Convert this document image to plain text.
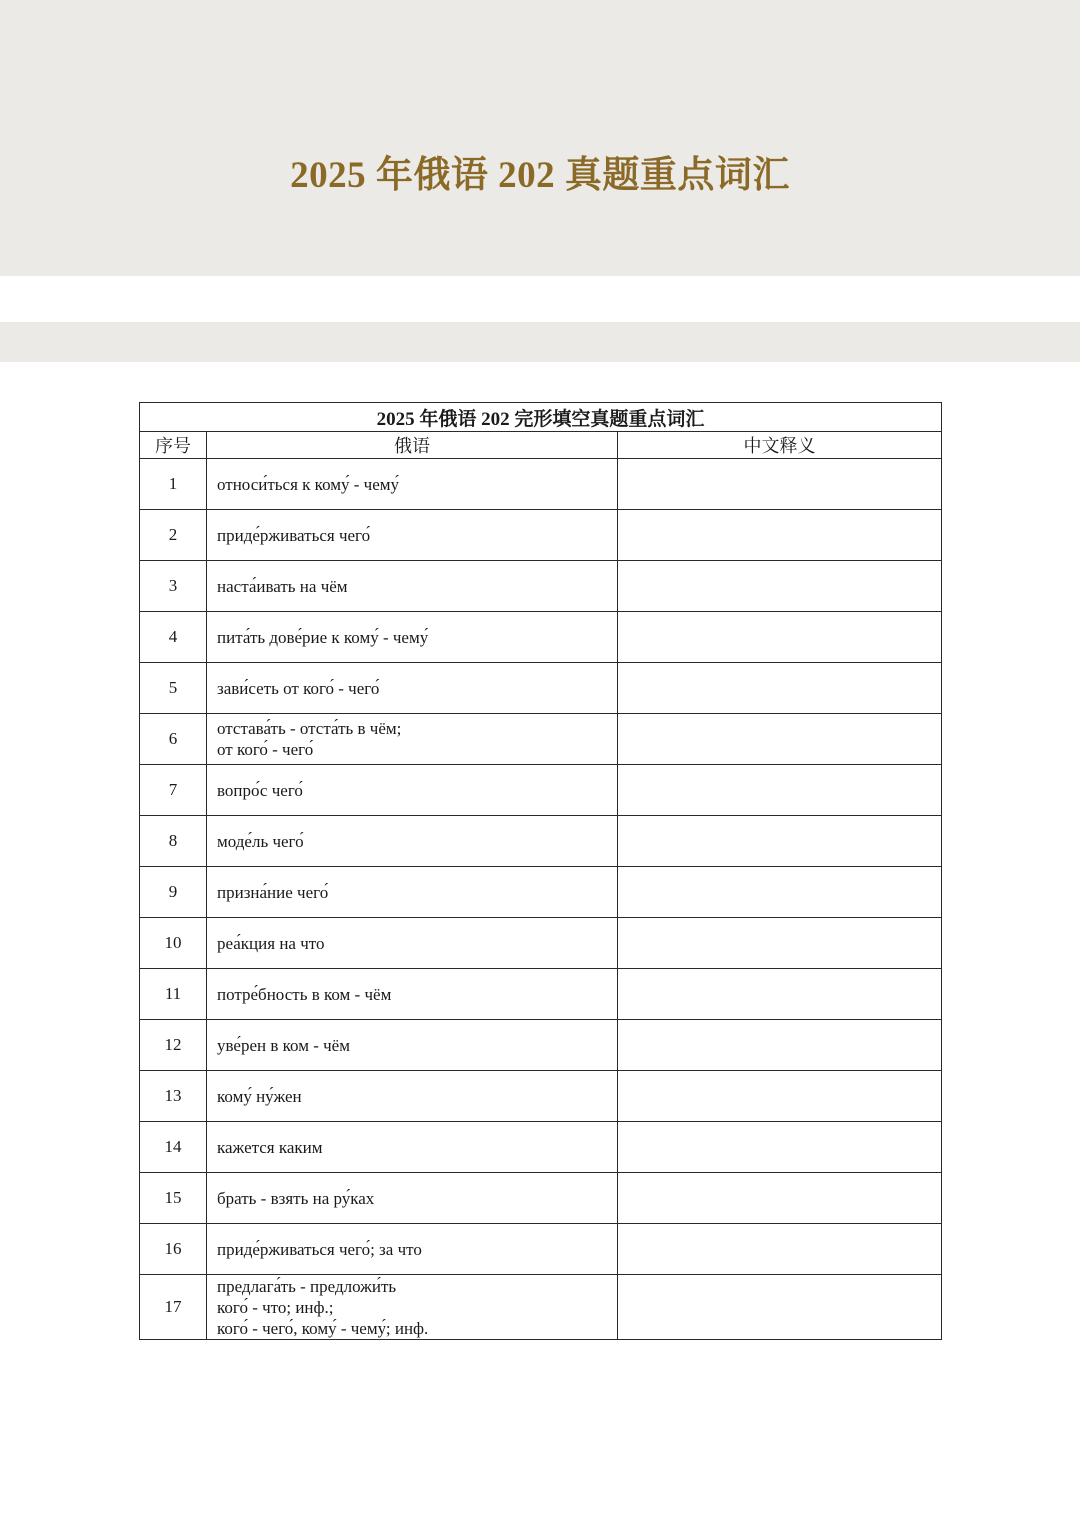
2025 年俄语 202 真题重点词汇
2025 年俄语 202 完形填空真题重点词汇		
序号	俄语	中文释义
1	относи́ться к кому́ - чему́	
2	приде́рживаться чего́	
3	наста́ивать на чём	
4	пита́ть дове́рие к кому́ - чему́	
5	зави́сеть от кого́ - чего́	
6	отстава́ть - отста́ть в чём;
от кого́ - чего́	
7	вопро́с чего́	
8	моде́ль чего́	
9	призна́ние чего́	
10	реа́кция на что	
11	потре́бность в ком - чём	
12	уве́рен в ком - чём	
13	кому́ ну́жен	
14	кажется каким	
15	брать - взять на ру́ках	
16	приде́рживаться чего́; за что	
17	предлага́ть - предложи́ть
кого́ - что; инф.;
кого́ - чего́, кому́ - чему́; инф.	
